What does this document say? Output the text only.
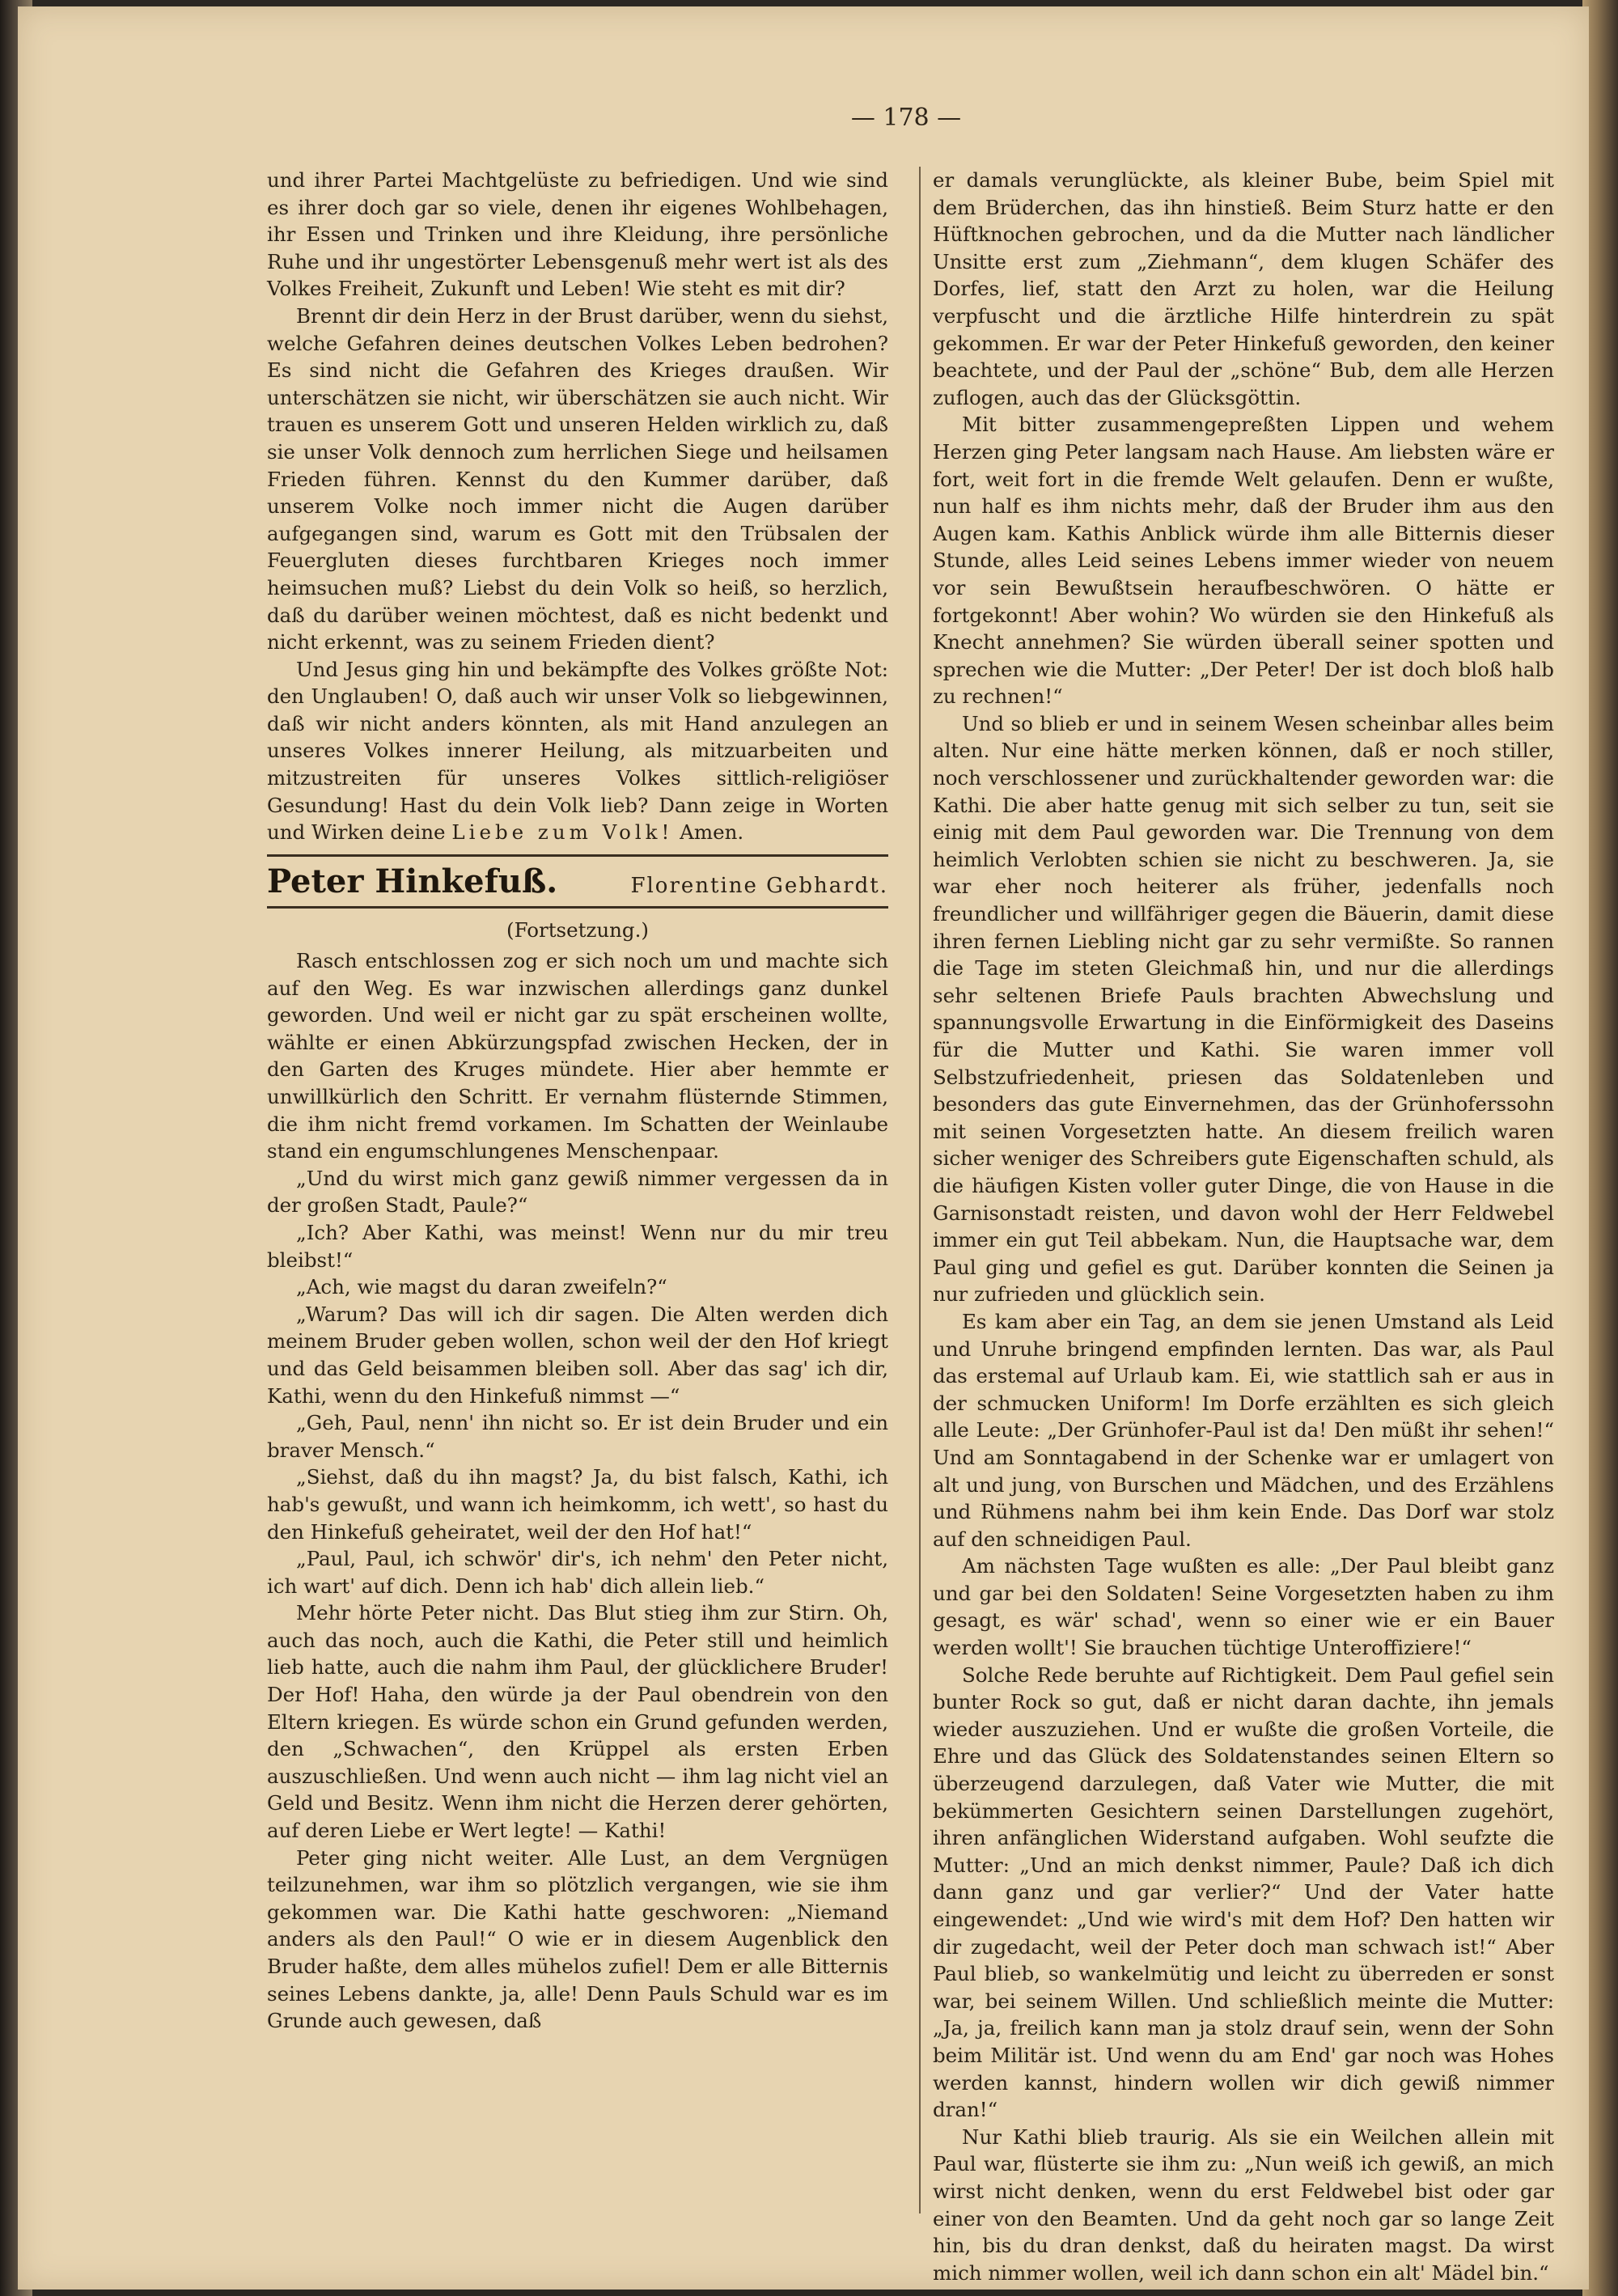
— 178 —

und ihrer Partei Machtgelüste zu befriedigen. Und wie sind es ihrer doch gar so viele, denen ihr eigenes Wohlbehagen, ihr Essen und Trinken und ihre Kleidung, ihre persönliche Ruhe und ihr ungestörter Lebensgenuß mehr wert ist als des Volkes Freiheit, Zukunft und Leben! Wie steht es mit dir?

Brennt dir dein Herz in der Brust darüber, wenn du siehst, welche Gefahren deines deutschen Volkes Leben bedrohen? Es sind nicht die Gefahren des Krieges draußen. Wir unterschätzen sie nicht, wir überschätzen sie auch nicht. Wir trauen es unserem Gott und unseren Helden wirklich zu, daß sie unser Volk dennoch zum herrlichen Siege und heilsamen Frieden führen. Kennst du den Kummer darüber, daß unserem Volke noch immer nicht die Augen darüber aufgegangen sind, warum es Gott mit den Trübsalen der Feuergluten dieses furchtbaren Krieges noch immer heimsuchen muß? Liebst du dein Volk so heiß, so herzlich, daß du darüber weinen möchtest, daß es nicht bedenkt und nicht erkennt, was zu seinem Frieden dient?

Und Jesus ging hin und bekämpfte des Volkes größte Not: den Unglauben! O, daß auch wir unser Volk so liebgewinnen, daß wir nicht anders könnten, als mit Hand anzulegen an unseres Volkes innerer Heilung, als mitzuarbeiten und mitzustreiten für unseres Volkes sittlich-religiöser Gesundung! Hast du dein Volk lieb? Dann zeige in Worten und Wirken deine Liebe zum Volk! Amen.

Peter Hinkefuß.	Florentine Gebhardt.

(Fortsetzung.)

Rasch entschlossen zog er sich noch um und machte sich auf den Weg. Es war inzwischen allerdings ganz dunkel geworden. Und weil er nicht gar zu spät erscheinen wollte, wählte er einen Abkürzungspfad zwischen Hecken, der in den Garten des Kruges mündete. Hier aber hemmte er unwillkürlich den Schritt. Er vernahm flüsternde Stimmen, die ihm nicht fremd vorkamen. Im Schatten der Weinlaube stand ein engumschlungenes Menschenpaar.

„Und du wirst mich ganz gewiß nimmer vergessen da in der großen Stadt, Paule?“

„Ich? Aber Kathi, was meinst! Wenn nur du mir treu bleibst!“

„Ach, wie magst du daran zweifeln?“

„Warum? Das will ich dir sagen. Die Alten werden dich meinem Bruder geben wollen, schon weil der den Hof kriegt und das Geld beisammen bleiben soll. Aber das sag' ich dir, Kathi, wenn du den Hinkefuß nimmst —“

„Geh, Paul, nenn' ihn nicht so. Er ist dein Bruder und ein braver Mensch.“

„Siehst, daß du ihn magst? Ja, du bist falsch, Kathi, ich hab's gewußt, und wann ich heimkomm, ich wett', so hast du den Hinkefuß geheiratet, weil der den Hof hat!“

„Paul, Paul, ich schwör' dir's, ich nehm' den Peter nicht, ich wart' auf dich. Denn ich hab' dich allein lieb.“

Mehr hörte Peter nicht. Das Blut stieg ihm zur Stirn. Oh, auch das noch, auch die Kathi, die Peter still und heimlich lieb hatte, auch die nahm ihm Paul, der glücklichere Bruder! Der Hof! Haha, den würde ja der Paul obendrein von den Eltern kriegen. Es würde schon ein Grund gefunden werden, den „Schwachen“, den Krüppel als ersten Erben auszuschließen. Und wenn auch nicht — ihm lag nicht viel an Geld und Besitz. Wenn ihm nicht die Herzen derer gehörten, auf deren Liebe er Wert legte! — Kathi!

Peter ging nicht weiter. Alle Lust, an dem Vergnügen teilzunehmen, war ihm so plötzlich vergangen, wie sie ihm gekommen war. Die Kathi hatte geschworen: „Niemand anders als den Paul!“ O wie er in diesem Augenblick den Bruder haßte, dem alles mühelos zufiel! Dem er alle Bitternis seines Lebens dankte, ja, alle! Denn Pauls Schuld war es im Grunde auch gewesen, daß

er damals verunglückte, als kleiner Bube, beim Spiel mit dem Brüderchen, das ihn hinstieß. Beim Sturz hatte er den Hüftknochen gebrochen, und da die Mutter nach ländlicher Unsitte erst zum „Ziehmann“, dem klugen Schäfer des Dorfes, lief, statt den Arzt zu holen, war die Heilung verpfuscht und die ärztliche Hilfe hinterdrein zu spät gekommen. Er war der Peter Hinkefuß geworden, den keiner beachtete, und der Paul der „schöne“ Bub, dem alle Herzen zuflogen, auch das der Glücksgöttin.

Mit bitter zusammengepreßten Lippen und wehem Herzen ging Peter langsam nach Hause. Am liebsten wäre er fort, weit fort in die fremde Welt gelaufen. Denn er wußte, nun half es ihm nichts mehr, daß der Bruder ihm aus den Augen kam. Kathis Anblick würde ihm alle Bitternis dieser Stunde, alles Leid seines Lebens immer wieder von neuem vor sein Bewußtsein heraufbeschwören. O hätte er fortgekonnt! Aber wohin? Wo würden sie den Hinkefuß als Knecht annehmen? Sie würden überall seiner spotten und sprechen wie die Mutter: „Der Peter! Der ist doch bloß halb zu rechnen!“

Und so blieb er und in seinem Wesen scheinbar alles beim alten. Nur eine hätte merken können, daß er noch stiller, noch verschlossener und zurückhaltender geworden war: die Kathi. Die aber hatte genug mit sich selber zu tun, seit sie einig mit dem Paul geworden war. Die Trennung von dem heimlich Verlobten schien sie nicht zu beschweren. Ja, sie war eher noch heiterer als früher, jedenfalls noch freundlicher und willfähriger gegen die Bäuerin, damit diese ihren fernen Liebling nicht gar zu sehr vermißte. So rannen die Tage im steten Gleichmaß hin, und nur die allerdings sehr seltenen Briefe Pauls brachten Abwechslung und spannungsvolle Erwartung in die Einförmigkeit des Daseins für die Mutter und Kathi. Sie waren immer voll Selbstzufriedenheit, priesen das Soldatenleben und besonders das gute Einvernehmen, das der Grünhoferssohn mit seinen Vorgesetzten hatte. An diesem freilich waren sicher weniger des Schreibers gute Eigenschaften schuld, als die häufigen Kisten voller guter Dinge, die von Hause in die Garnisonstadt reisten, und davon wohl der Herr Feldwebel immer ein gut Teil abbekam. Nun, die Hauptsache war, dem Paul ging und gefiel es gut. Darüber konnten die Seinen ja nur zufrieden und glücklich sein.

Es kam aber ein Tag, an dem sie jenen Umstand als Leid und Unruhe bringend empfinden lernten. Das war, als Paul das erstemal auf Urlaub kam. Ei, wie stattlich sah er aus in der schmucken Uniform! Im Dorfe erzählten es sich gleich alle Leute: „Der Grünhofer-Paul ist da! Den müßt ihr sehen!“ Und am Sonntagabend in der Schenke war er umlagert von alt und jung, von Burschen und Mädchen, und des Erzählens und Rühmens nahm bei ihm kein Ende. Das Dorf war stolz auf den schneidigen Paul.

Am nächsten Tage wußten es alle: „Der Paul bleibt ganz und gar bei den Soldaten! Seine Vorgesetzten haben zu ihm gesagt, es wär' schad', wenn so einer wie er ein Bauer werden wollt'! Sie brauchen tüchtige Unteroffiziere!“

Solche Rede beruhte auf Richtigkeit. Dem Paul gefiel sein bunter Rock so gut, daß er nicht daran dachte, ihn jemals wieder auszuziehen. Und er wußte die großen Vorteile, die Ehre und das Glück des Soldatenstandes seinen Eltern so überzeugend darzulegen, daß Vater wie Mutter, die mit bekümmerten Gesichtern seinen Darstellungen zugehört, ihren anfänglichen Widerstand aufgaben. Wohl seufzte die Mutter: „Und an mich denkst nimmer, Paule? Daß ich dich dann ganz und gar verlier?“ Und der Vater hatte eingewendet: „Und wie wird's mit dem Hof? Den hatten wir dir zugedacht, weil der Peter doch man schwach ist!“ Aber Paul blieb, so wankelmütig und leicht zu überreden er sonst war, bei seinem Willen. Und schließlich meinte die Mutter: „Ja, ja, freilich kann man ja stolz drauf sein, wenn der Sohn beim Militär ist. Und wenn du am End' gar noch was Hohes werden kannst, hindern wollen wir dich gewiß nimmer dran!“

Nur Kathi blieb traurig. Als sie ein Weilchen allein mit Paul war, flüsterte sie ihm zu: „Nun weiß ich gewiß, an mich wirst nicht denken, wenn du erst Feldwebel bist oder gar einer von den Beamten. Und da geht noch gar so lange Zeit hin, bis du dran denkst, daß du heiraten magst. Da wirst mich nimmer wollen, weil ich dann schon ein alt' Mädel bin.“
